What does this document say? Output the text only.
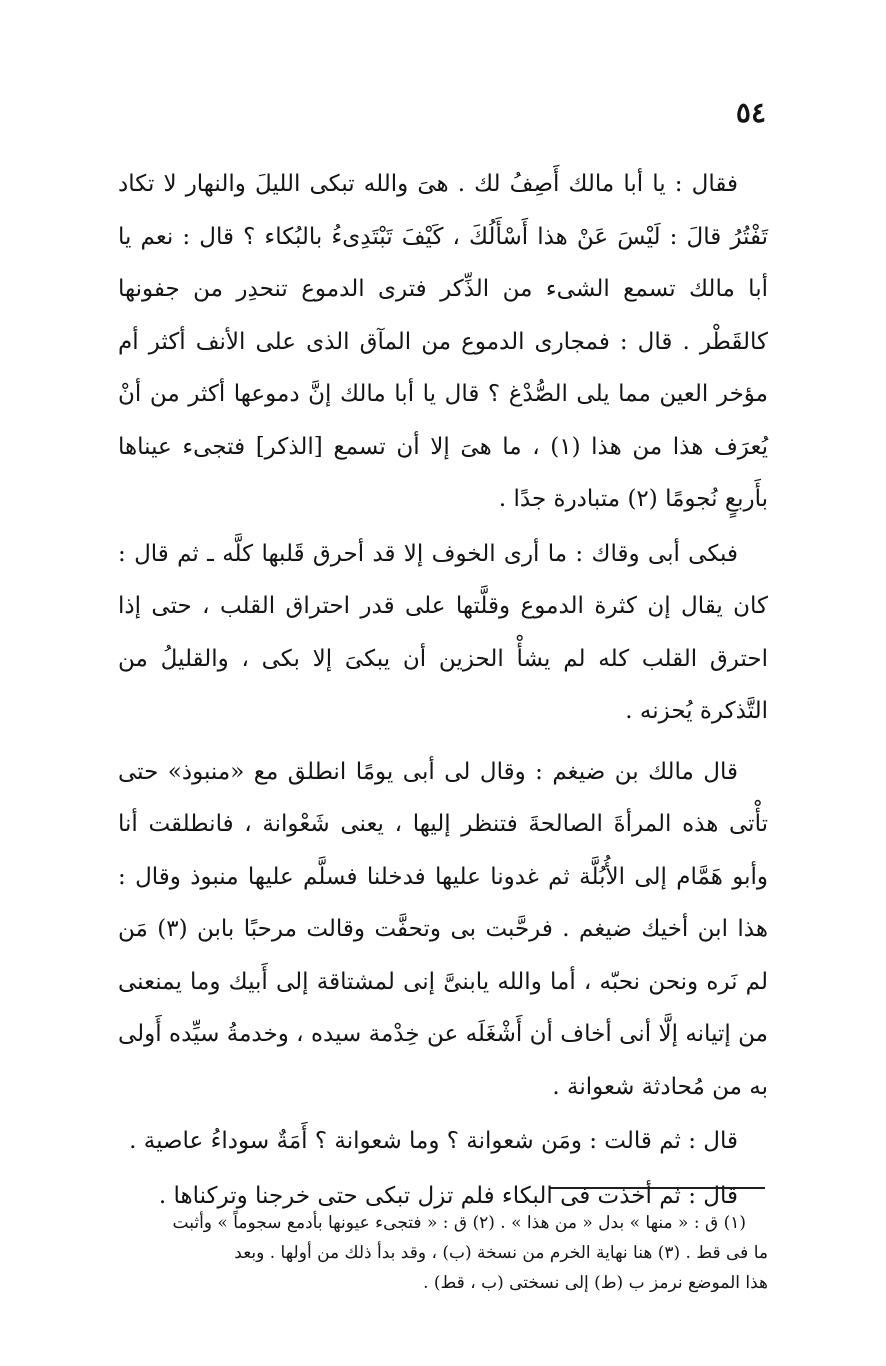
٥٤

فقال : يا أبا مالك أَصِفُ لك . هىَ والله تبكى الليلَ والنهار لا تكاد تَفْتُرُ قالَ : لَيْسَ عَنْ هذا أَسْأَلُكَ ، كَيْفَ تَبْتَدِىءُ بالبُكاء ؟ قال : نعم يا أبا مالك تسمع الشىء من الذِّكر فترى الدموع تنحدِر من جفونها كالقَطْر . قال : فمجارى الدموع من المآق الذى على الأنف أكثر أم مؤخر العين مما يلى الصُّدْغ ؟ قال يا أبا مالك إنَّ دموعها أكثر من أنْ يُعرَف هذا من هذا (١) ، ما هىَ إلا أن تسمع [الذكر] فتجىء عيناها بأَربعٍ نُجومًا (٢) متبادرة جدًا .

فبكى أبى وقاك : ما أرى الخوف إلا قد أحرق قَلبها كلَّه ـ ثم قال : كان يقال إن كثرة الدموع وقلَّتها على قدر احتراق القلب ، حتى إذا احترق القلب كله لم يشأْ الحزين أن يبكىَ إلا بكى ، والقليلُ من التَّذكرة يُحزنه .

قال مالك بن ضيغم : وقال لى أبى يومًا انطلق مع «منبوذ» حتى تأْتى هذه المرأةَ الصالحةَ فتنظر إليها ، يعنى شَعْوانة ، فانطلقت أنا وأبو هَمَّام إلى الأُبُلَّة ثم غدونا عليها فدخلنا فسلَّم عليها منبوذ وقال : هذا ابن أخيك ضيغم . فرحَّبت بى وتحفَّت وقالت مرحبًا بابن (٣) مَن لم نَره ونحن نحبّه ، أما والله يابنىَّ إنى لمشتاقة إلى أَبيك وما يمنعنى من إتيانه إلَّا أنى أخاف أن أَشْغَلَه عن خِدْمة سيده ، وخدمةُ سيِّده أَولى به من مُحادثة شعوانة .

قال : ثم قالت : ومَن شعوانة ؟ وما شعوانة ؟ أَمَةٌ سوداءُ عاصية .

قال : ثم أخذت فى البكاء فلم تزل تبكى حتى خرجنا وتركناها .

(١) ق : « منها » بدل « من هذا » . (٢) ق : « فتجىء عيونها بأدمع سجوماً » وأثبت

ما فى قط . (٣) هنا نهاية الخرم من نسخة (ب) ، وقد بدأ ذلك من أولها . وبعد

هذا الموضع نرمز ب (ط) إلى نسختى (ب ، قط) .
